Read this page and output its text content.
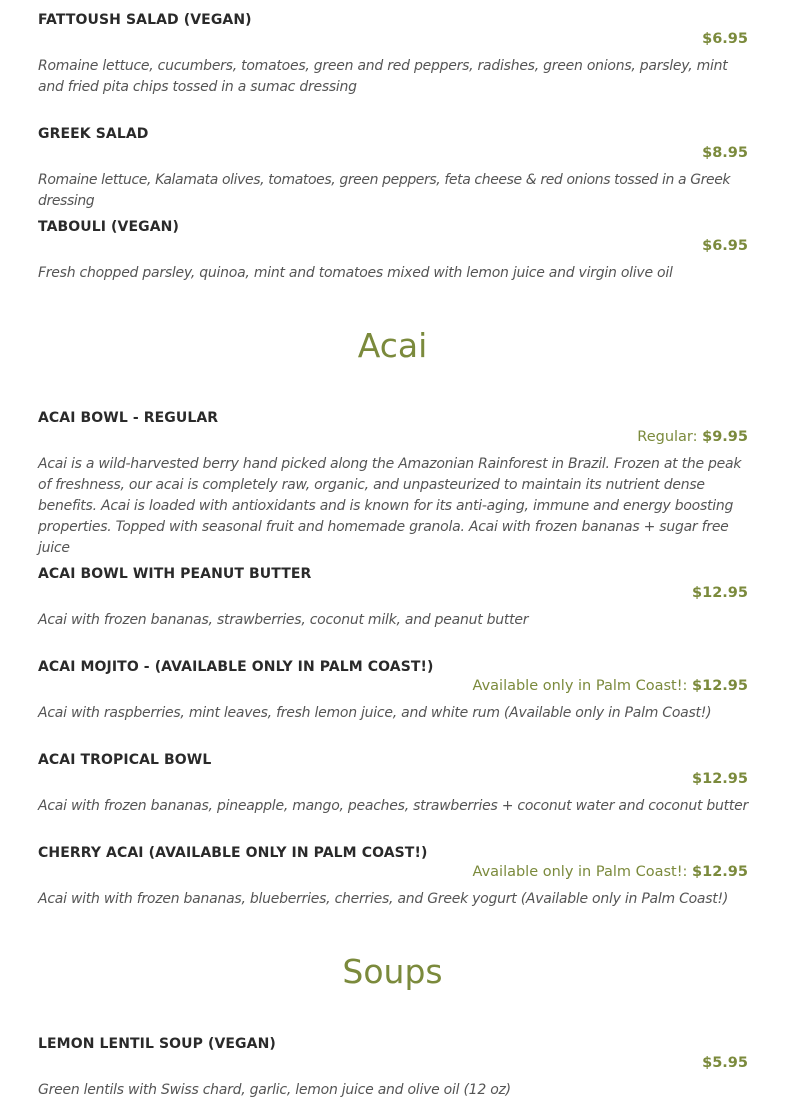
FATTOUSH SALAD (VEGAN)
$6.95
Romaine lettuce, cucumbers, tomatoes, green and red peppers, radishes, green onions, parsley, mint and fried pita chips tossed in a sumac dressing
GREEK SALAD
$8.95
Romaine lettuce, Kalamata olives, tomatoes, green peppers, feta cheese & red onions tossed in a Greek dressing
TABOULI (VEGAN)
$6.95
Fresh chopped parsley, quinoa, mint and tomatoes mixed with lemon juice and virgin olive oil
Acai
ACAI BOWL - REGULAR
Regular: $9.95
Acai is a wild-harvested berry hand picked along the Amazonian Rainforest in Brazil. Frozen at the peak of freshness, our acai is completely raw, organic, and unpasteurized to maintain its nutrient dense benefits. Acai is loaded with antioxidants and is known for its anti-aging, immune and energy boosting properties. Topped with seasonal fruit and homemade granola. Acai with frozen bananas + sugar free juice
ACAI BOWL WITH PEANUT BUTTER
$12.95
Acai with frozen bananas, strawberries, coconut milk, and peanut butter
ACAI MOJITO - (AVAILABLE ONLY IN PALM COAST!)
Available only in Palm Coast!: $12.95
Acai with raspberries, mint leaves, fresh lemon juice, and white rum (Available only in Palm Coast!)
ACAI TROPICAL BOWL
$12.95
Acai with frozen bananas, pineapple, mango, peaches, strawberries + coconut water and coconut butter
CHERRY ACAI (AVAILABLE ONLY IN PALM COAST!)
Available only in Palm Coast!: $12.95
Acai with with frozen bananas, blueberries, cherries, and Greek yogurt (Available only in Palm Coast!)
Soups
LEMON LENTIL SOUP (VEGAN)
$5.95
Green lentils with Swiss chard, garlic, lemon juice and olive oil (12 oz)
